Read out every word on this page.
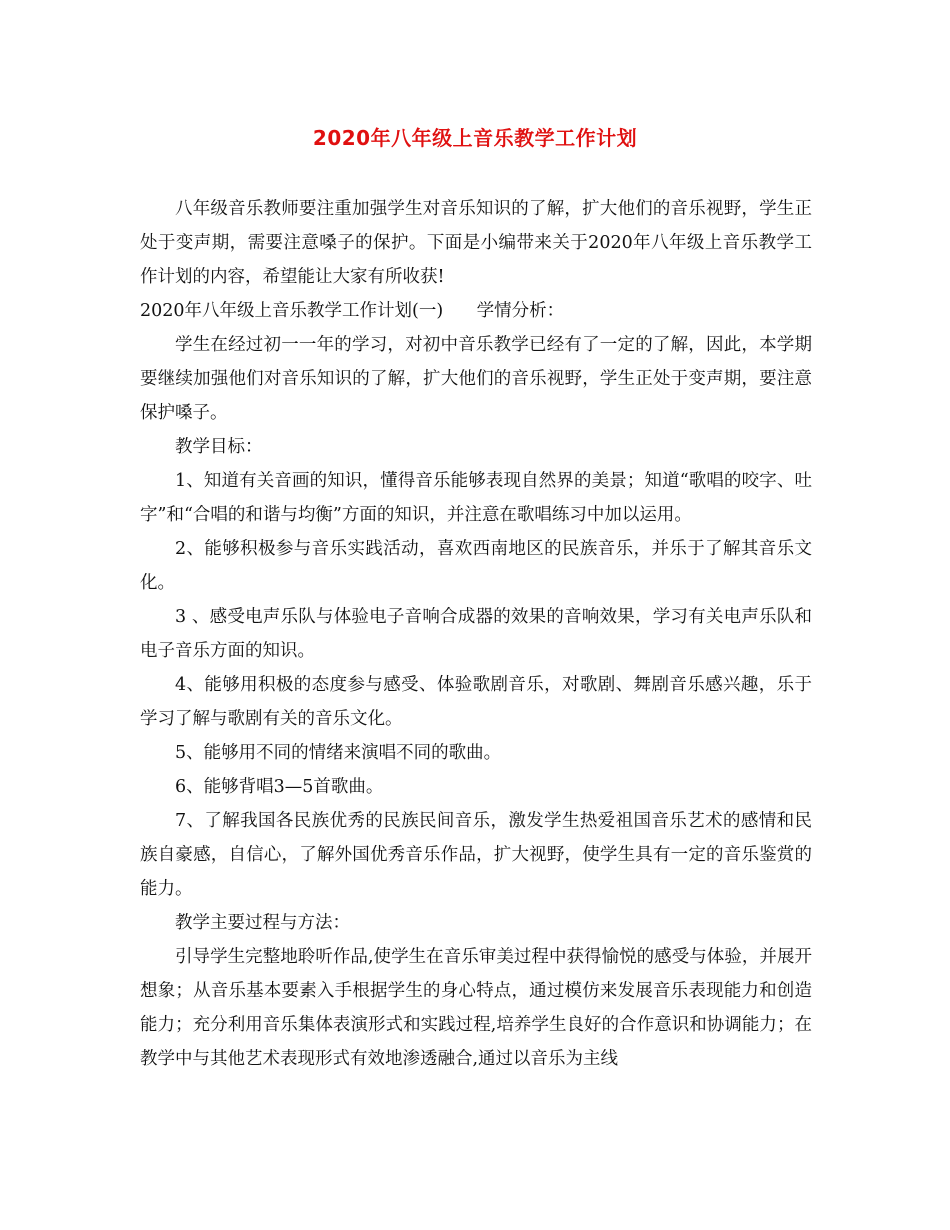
2020年八年级上音乐教学工作计划

八年级音乐教师要注重加强学生对音乐知识的了解，扩大他们的音乐视野，学生正处于变声期，需要注意嗓子的保护。下面是小编带来关于2020年八年级上音乐教学工作计划的内容，希望能让大家有所收获!

2020年八年级上音乐教学工作计划(一)      学情分析：

学生在经过初一一年的学习，对初中音乐教学已经有了一定的了解，因此，本学期要继续加强他们对音乐知识的了解，扩大他们的音乐视野，学生正处于变声期，要注意保护嗓子。

教学目标：

1、知道有关音画的知识，懂得音乐能够表现自然界的美景；知道“歌唱的咬字、吐字”和“合唱的和谐与均衡”方面的知识，并注意在歌唱练习中加以运用。

2、能够积极参与音乐实践活动，喜欢西南地区的民族音乐，并乐于了解其音乐文化。

3 、感受电声乐队与体验电子音响合成器的效果的音响效果，学习有关电声乐队和电子音乐方面的知识。

4、能够用积极的态度参与感受、体验歌剧音乐，对歌剧、舞剧音乐感兴趣，乐于学习了解与歌剧有关的音乐文化。

5、能够用不同的情绪来演唱不同的歌曲。

6、能够背唱3—5首歌曲。

7、了解我国各民族优秀的民族民间音乐，激发学生热爱祖国音乐艺术的感情和民族自豪感，自信心，了解外国优秀音乐作品，扩大视野，使学生具有一定的音乐鉴赏的能力。

教学主要过程与方法：

引导学生完整地聆听作品,使学生在音乐审美过程中获得愉悦的感受与体验，并展开想象；从音乐基本要素入手根据学生的身心特点，通过模仿来发展音乐表现能力和创造能力；充分利用音乐集体表演形式和实践过程,培养学生良好的合作意识和协调能力；在教学中与其他艺术表现形式有效地渗透融合,通过以音乐为主线
